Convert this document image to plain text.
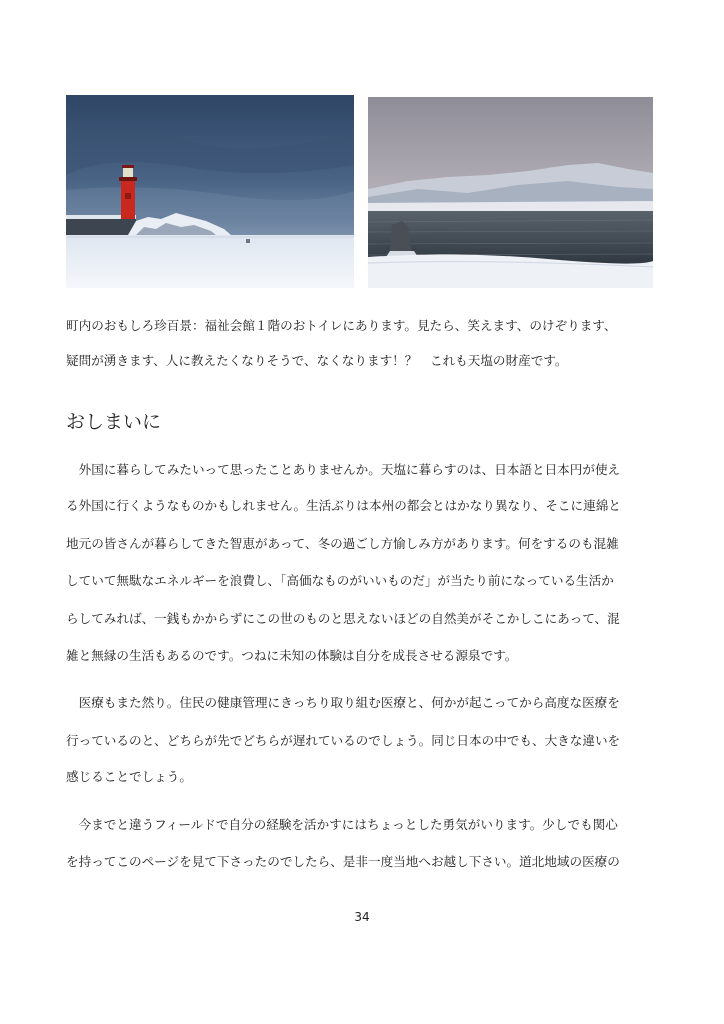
町内のおもしろ珍百景：福祉会館１階のおトイレにあります。見たら、笑えます、のけぞります、
疑問が湧きます、人に教えたくなりそうで、なくなります！？　これも天塩の財産です。
おしまいに
　外国に暮らしてみたいって思ったことありませんか。天塩に暮らすのは、日本語と日本円が使え
る外国に行くようなものかもしれません。生活ぶりは本州の都会とはかなり異なり、そこに連綿と
地元の皆さんが暮らしてきた智恵があって、冬の過ごし方愉しみ方があります。何をするのも混雑
していて無駄なエネルギーを浪費し、「高価なものがいいものだ」が当たり前になっている生活か
らしてみれば、一銭もかからずにこの世のものと思えないほどの自然美がそこかしこにあって、混
雑と無縁の生活もあるのです。つねに未知の体験は自分を成長させる源泉です。
　医療もまた然り。住民の健康管理にきっちり取り組む医療と、何かが起こってから高度な医療を
行っているのと、どちらが先でどちらが遅れているのでしょう。同じ日本の中でも、大きな違いを
感じることでしょう。
　今までと違うフィールドで自分の経験を活かすにはちょっとした勇気がいります。少しでも関心
を持ってこのページを見て下さったのでしたら、是非一度当地へお越し下さい。道北地域の医療の
34
